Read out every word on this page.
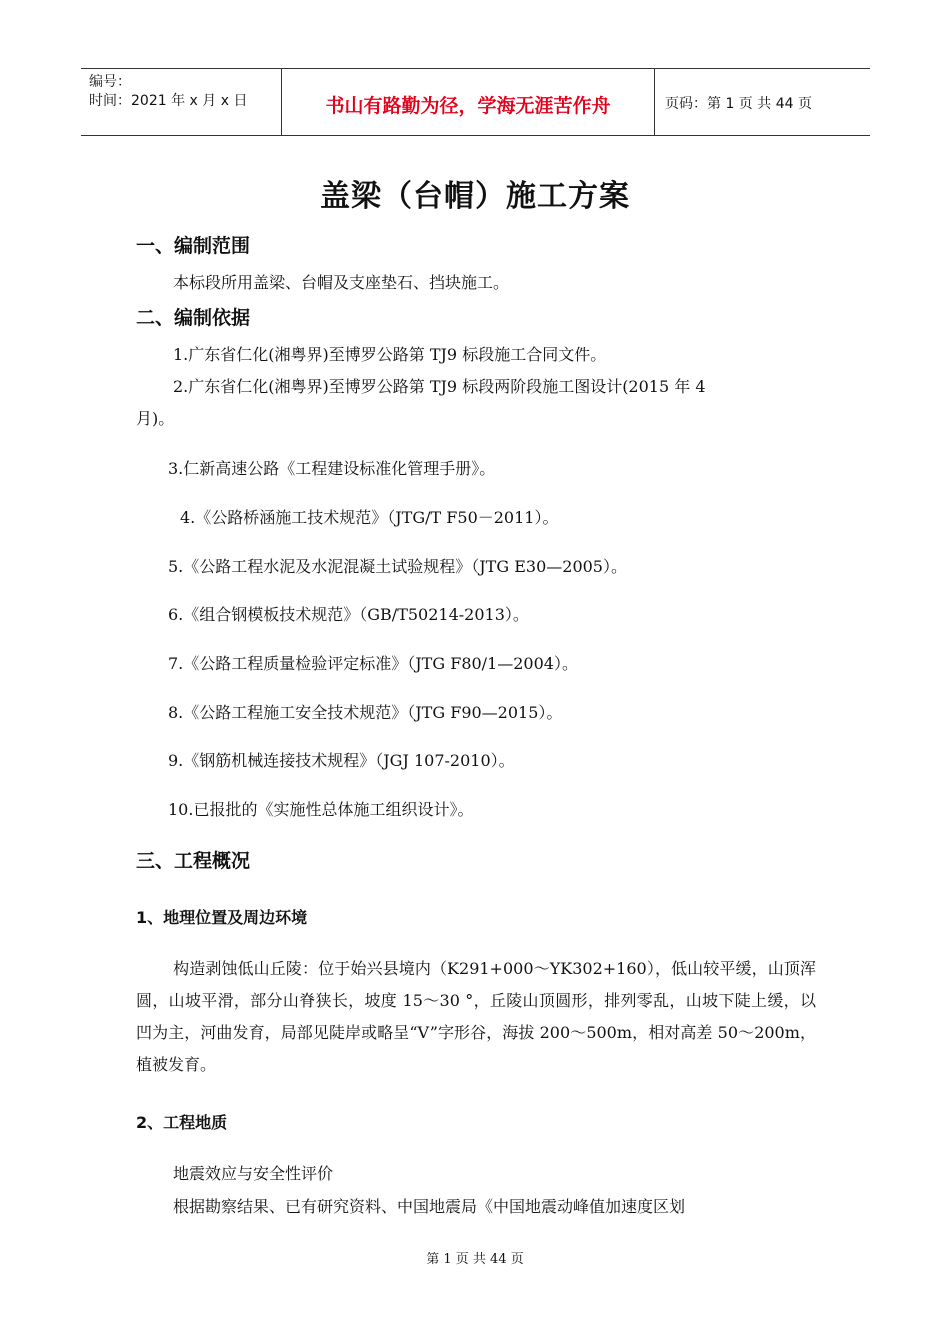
编号：
时间：2021 年 x 月 x 日	书山有路勤为径，学海无涯苦作舟	页码：第 1 页 共 44 页
盖梁（台帽）施工方案
一、编制范围
本标段所用盖梁、台帽及支座垫石、挡块施工。
二、编制依据
1.广东省仁化(湘粤界)至博罗公路第 TJ9 标段施工合同文件。
2.广东省仁化(湘粤界)至博罗公路第 TJ9 标段两阶段施工图设计(2015 年 4
月)。
3.仁新高速公路《工程建设标准化管理手册》。
4.《公路桥涵施工技术规范》（JTG/T F50－2011）。
5.《公路工程水泥及水泥混凝土试验规程》（JTG E30—2005）。
6.《组合钢模板技术规范》（GB/T50214-2013）。
7.《公路工程质量检验评定标准》（JTG F80/1—2004）。
8.《公路工程施工安全技术规范》（JTG F90—2015）。
9.《钢筋机械连接技术规程》（JGJ 107-2010）。
10.已报批的《实施性总体施工组织设计》。
三、工程概况
1、地理位置及周边环境
构造剥蚀低山丘陵：位于始兴县境内（K291+000～YK302+160），低山较平缓，山顶浑圆，山坡平滑，部分山脊狭长，坡度 15～30 °，丘陵山顶圆形，排列零乱，山坡下陡上缓，以凹为主，河曲发育，局部见陡岸或略呈“V”字形谷，海拔 200～500m，相对高差 50～200m，植被发育。
2、工程地质
地震效应与安全性评价
根据勘察结果、已有研究资料、中国地震局《中国地震动峰值加速度区划
第 1 页 共 44 页
